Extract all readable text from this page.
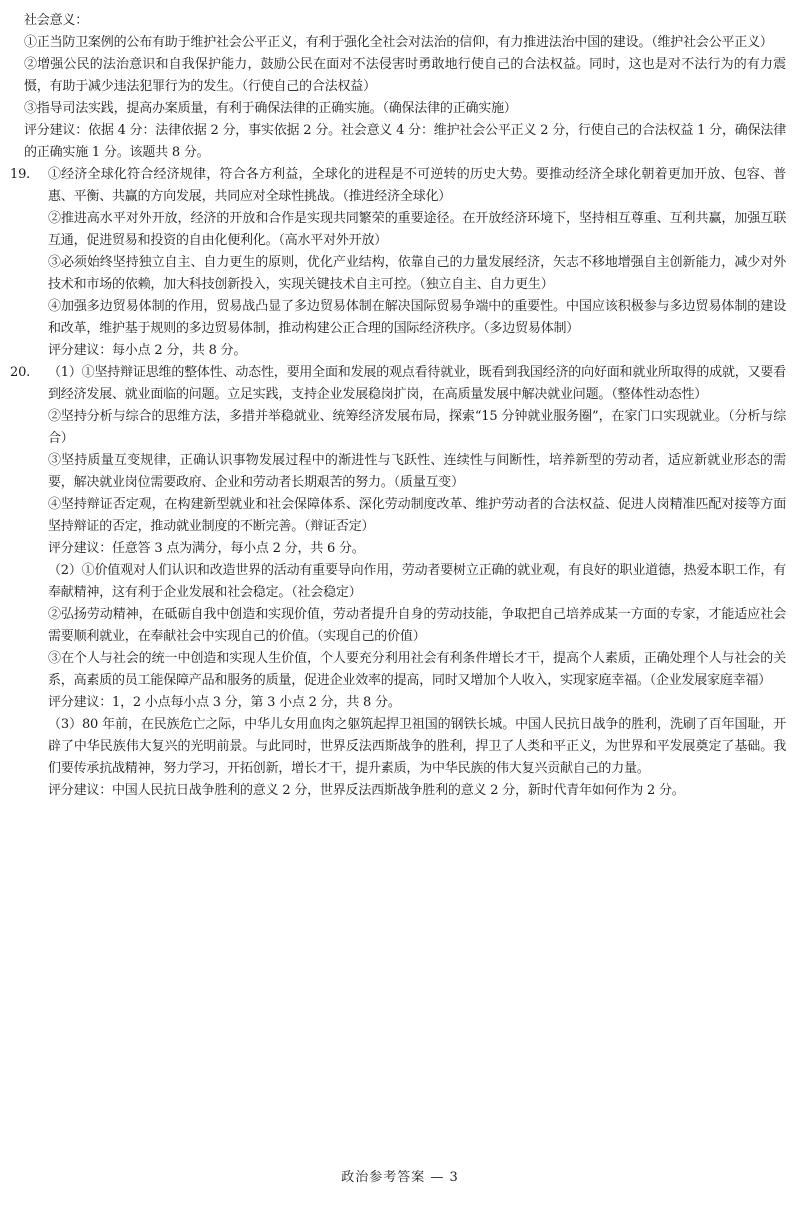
社会意义：

①正当防卫案例的公布有助于维护社会公平正义，有利于强化全社会对法治的信仰，有力推进法治中国的建设。（维护社会公平正义）

②增强公民的法治意识和自我保护能力，鼓励公民在面对不法侵害时勇敢地行使自己的合法权益。同时，这也是对不法行为的有力震慑，有助于减少违法犯罪行为的发生。（行使自己的合法权益）

③指导司法实践，提高办案质量，有利于确保法律的正确实施。（确保法律的正确实施）

评分建议：依据 4 分：法律依据 2 分，事实依据 2 分。社会意义 4 分：维护社会公平正义 2 分，行使自己的合法权益 1 分，确保法律的正确实施 1 分。该题共 8 分。

19. ①经济全球化符合经济规律，符合各方利益，全球化的进程是不可逆转的历史大势。要推动经济全球化朝着更加开放、包容、普惠、平衡、共赢的方向发展，共同应对全球性挑战。（推进经济全球化）

②推进高水平对外开放，经济的开放和合作是实现共同繁荣的重要途径。在开放经济环境下，坚持相互尊重、互利共赢，加强互联互通，促进贸易和投资的自由化便利化。（高水平对外开放）

③必须始终坚持独立自主、自力更生的原则，优化产业结构，依靠自己的力量发展经济，矢志不移地增强自主创新能力，减少对外技术和市场的依赖，加大科技创新投入，实现关键技术自主可控。（独立自主、自力更生）

④加强多边贸易体制的作用，贸易战凸显了多边贸易体制在解决国际贸易争端中的重要性。中国应该积极参与多边贸易体制的建设和改革，维护基于规则的多边贸易体制，推动构建公正合理的国际经济秩序。（多边贸易体制）

评分建议：每小点 2 分，共 8 分。

20. （1）①坚持辩证思维的整体性、动态性，要用全面和发展的观点看待就业，既看到我国经济的向好面和就业所取得的成就，又要看到经济发展、就业面临的问题。立足实践，支持企业发展稳岗扩岗，在高质量发展中解决就业问题。（整体性动态性）

②坚持分析与综合的思维方法，多措并举稳就业、统筹经济发展布局，探索“15 分钟就业服务圈”，在家门口实现就业。（分析与综合）

③坚持质量互变规律，正确认识事物发展过程中的渐进性与飞跃性、连续性与间断性，培养新型的劳动者，适应新就业形态的需要，解决就业岗位需要政府、企业和劳动者长期艰苦的努力。（质量互变）

④坚持辩证否定观，在构建新型就业和社会保障体系、深化劳动制度改革、维护劳动者的合法权益、促进人岗精准匹配对接等方面坚持辩证的否定，推动就业制度的不断完善。（辩证否定）

评分建议：任意答 3 点为满分，每小点 2 分，共 6 分。

（2）①价值观对人们认识和改造世界的活动有重要导向作用，劳动者要树立正确的就业观，有良好的职业道德，热爱本职工作，有奉献精神，这有利于企业发展和社会稳定。（社会稳定）

②弘扬劳动精神，在砥砺自我中创造和实现价值，劳动者提升自身的劳动技能，争取把自己培养成某一方面的专家，才能适应社会需要顺利就业，在奉献社会中实现自己的价值。（实现自己的价值）

③在个人与社会的统一中创造和实现人生价值，个人要充分利用社会有利条件增长才干，提高个人素质，正确处理个人与社会的关系，高素质的员工能保障产品和服务的质量，促进企业效率的提高，同时又增加个人收入，实现家庭幸福。（企业发展家庭幸福）

评分建议：1，2 小点每小点 3 分，第 3 小点 2 分，共 8 分。

（3）80 年前，在民族危亡之际，中华儿女用血肉之躯筑起捍卫祖国的钢铁长城。中国人民抗日战争的胜利，洗刷了百年国耻，开辟了中华民族伟大复兴的光明前景。与此同时，世界反法西斯战争的胜利，捍卫了人类和平正义，为世界和平发展奠定了基础。我们要传承抗战精神，努力学习，开拓创新，增长才干，提升素质，为中华民族的伟大复兴贡献自己的力量。

评分建议：中国人民抗日战争胜利的意义 2 分，世界反法西斯战争胜利的意义 2 分，新时代青年如何作为 2 分。

政治参考答案 — 3
